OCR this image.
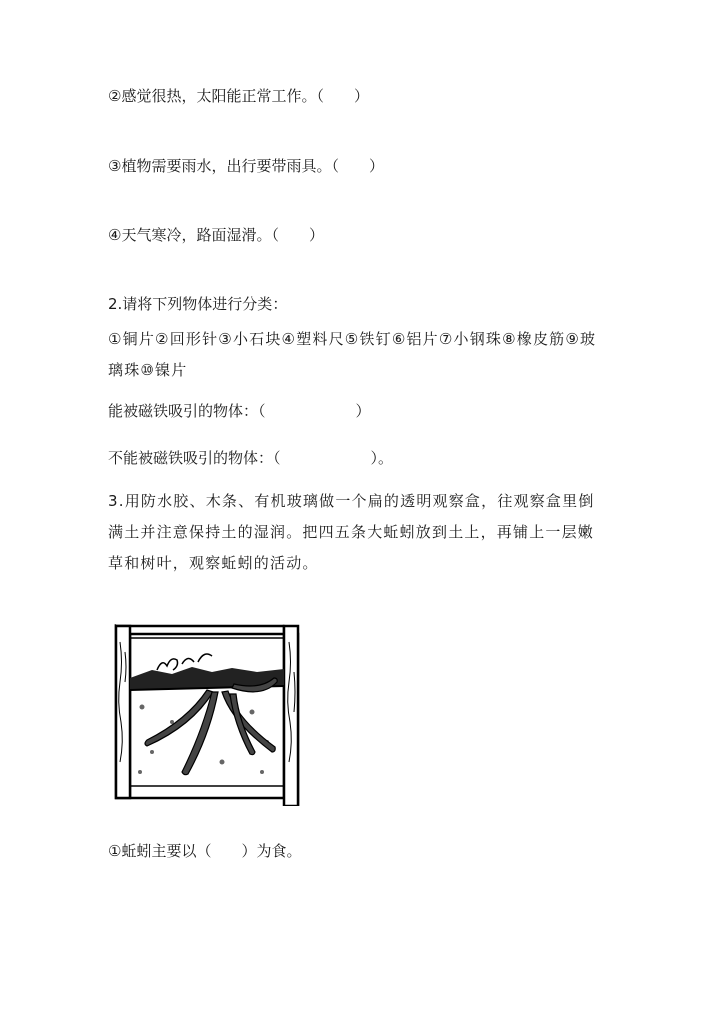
②感觉很热，太阳能正常工作。（　　）
③植物需要雨水，出行要带雨具。（　　）
④天气寒冷，路面湿滑。（　　）
2.请将下列物体进行分类：
①铜片②回形针③小石块④塑料尺⑤铁钉⑥铝片⑦小钢珠⑧橡皮筋⑨玻璃珠⑩镍片
能被磁铁吸引的物体：（　　　　　　）
不能被磁铁吸引的物体：（　　　　　　）。
3.用防水胶、木条、有机玻璃做一个扁的透明观察盒，往观察盒里倒满土并注意保持土的湿润。把四五条大蚯蚓放到土上，再铺上一层嫩草和树叶，观察蚯蚓的活动。
①蚯蚓主要以（　　）为食。
